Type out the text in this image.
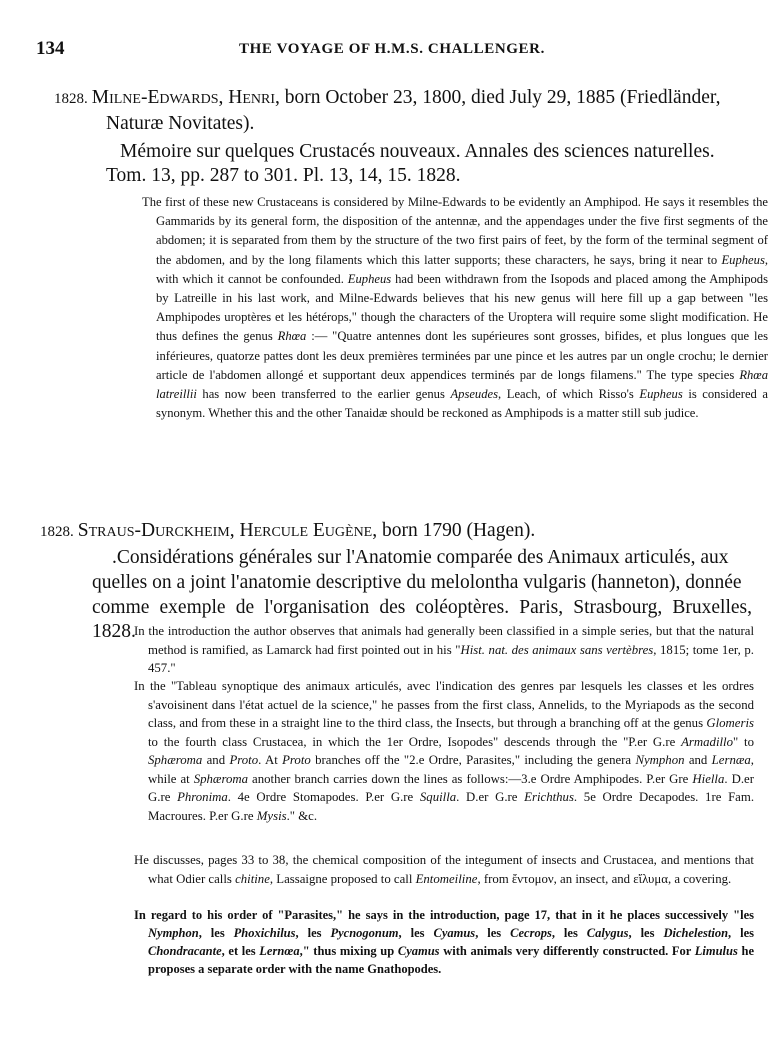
134	THE VOYAGE OF H.M.S. CHALLENGER.
1828. Milne-Edwards, Henri, born October 23, 1800, died July 29, 1885 (Friedländer,
Naturæ Novitates).
Mémoire sur quelques Crustacés nouveaux. Annales des sciences naturelles.
Tom. 13, pp. 287 to 301. Pl. 13, 14, 15. 1828.

The first of these new Crustaceans is considered by Milne-Edwards to be evidently an Amphipod. He says it resembles the Gammarids by its general form, the disposition of the antennæ, and the appendages under the five first segments of the abdomen; it is separated from them by the structure of the two first pairs of feet, by the form of the terminal segment of the abdomen, and by the long filaments which this latter supports; these characters, he says, bring it near to Eupheus, with which it cannot be confounded. Eupheus had been withdrawn from the Isopods and placed among the Amphipods by Latreille in his last work, and Milne-Edwards believes that his new genus will here fill up a gap between "les Amphipodes uroptères et les hétérops," though the characters of the Uroptera will require some slight modification. He thus defines the genus Rhœa :— "Quatre antennes dont les supérieures sont grosses, bifides, et plus longues que les inférieures, quatorze pattes dont les deux premières terminées par une pince et les autres par un ongle crochu; le dernier article de l'abdomen allongé et supportant deux appendices terminés par de longs filamens." The type species Rhœa latreillii has now been transferred to the earlier genus Apseudes, Leach, of which Risso's Eupheus is considered a synonym. Whether this and the other Tanaidæ should be reckoned as Amphipods is a matter still sub judice.

1828. Straus-Durckheim, Hercule Eugène, born 1790 (Hagen).
.Considérations générales sur l'Anatomie comparée des Animaux articulés, aux
quelles on a joint l'anatomie descriptive du melolontha vulgaris (hanneton), donnée
comme exemple de l'organisation des coléoptères. Paris, Strasbourg, Bruxelles, 1828.

In the introduction the author observes that animals had generally been classified in a simple series, but that the natural method is ramified, as Lamarck had first pointed out in his "Hist. nat. des animaux sans vertèbres, 1815; tome 1er, p. 457."

In the "Tableau synoptique des animaux articulés, avec l'indication des genres par lesquels les classes et les ordres s'avoisinent dans l'état actuel de la science," he passes from the first class, Annelids, to the Myriapods as the second class, and from these in a straight line to the third class, the Insects, but through a branching off at the genus Glomeris to the fourth class Crustacea, in which the 1er Ordre, Isopodes" descends through the "P.er G.re Armadillo" to Sphæroma and Proto. At Proto branches off the "2.e Ordre, Parasites," including the genera Nymphon and Lernæa, while at Sphæroma another branch carries down the lines as follows:—3.e Ordre Amphipodes. P.er Gre Hiella. D.er G.re Phronima. 4e Ordre Stomapodes. P.er G.re Squilla. D.er G.re Erichthus. 5e Ordre Decapodes. 1re Fam. Macroures. P.er G.re Mysis." &c.

He discusses, pages 33 to 38, the chemical composition of the integument of insects and Crustacea, and mentions that what Odier calls chitine, Lassaigne proposed to call Entomeiline, from ἔντομον, an insect, and εἴλυμα, a covering.

In regard to his order of "Parasites," he says in the introduction, page 17, that in it he places successively "les Nymphon, les Phoxichilus, les Pycnogonum, les Cyamus, les Cecrops, les Calygus, les Dichelestion, les Chondracante, et les Lernœa," thus mixing up Cyamus with animals very differently constructed. For Limulus he proposes a separate order with the name Gnathopodes.
